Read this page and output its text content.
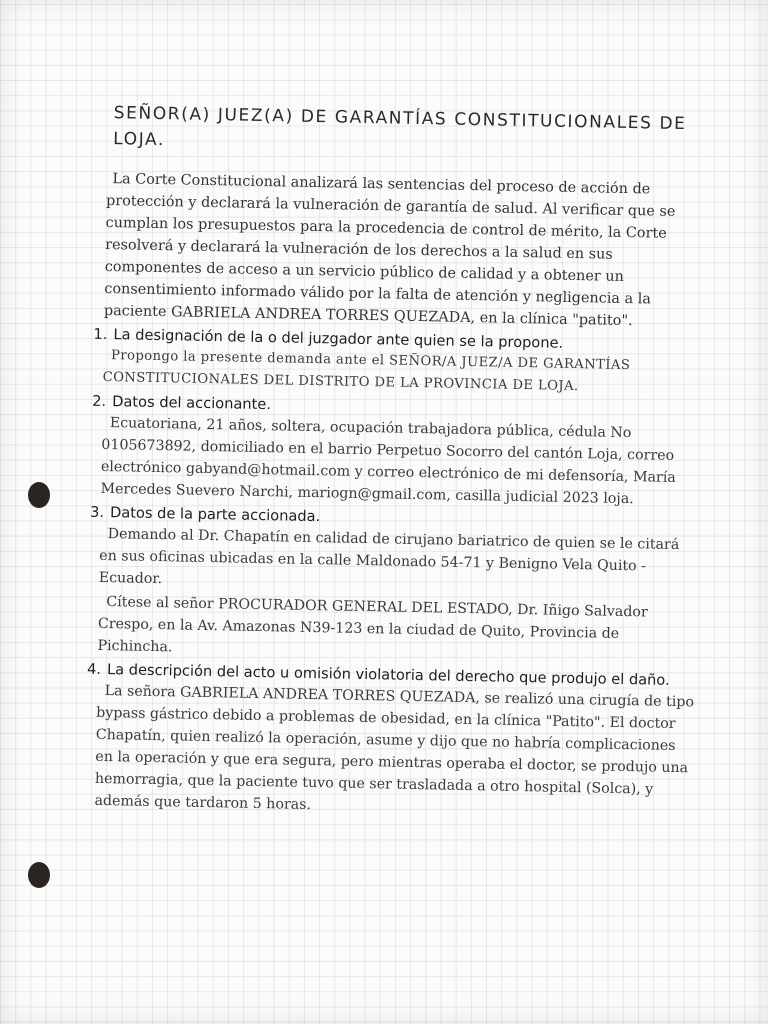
SEÑOR(A) JUEZ(A) DE GARANTÍAS CONSTITUCIONALES DE LOJA.

La Corte Constitucional analizará las sentencias del proceso de acción de protección y declarará la vulneración de garantía de salud. Al verificar que se cumplan los presupuestos para la procedencia de control de mérito, la Corte resolverá y declarará la vulneración de los derechos a la salud en sus componentes de acceso a un servicio público de calidad y a obtener un consentimiento informado válido por la falta de atención y negligencia a la paciente GABRIELA ANDREA TORRES QUEZADA, en la clínica "patito".

1. La designación de la o del juzgador ante quien se la propone.

Propongo la presente demanda ante el SEÑOR/A JUEZ/A DE GARANTÍAS CONSTITUCIONALES DEL DISTRITO DE LA PROVINCIA DE LOJA.

2. Datos del accionante.

Ecuatoriana, 21 años, soltera, ocupación trabajadora pública, cédula No 0105673892, domiciliado en el barrio Perpetuo Socorro del cantón Loja, correo electrónico gabyand@hotmail.com y correo electrónico de mi defensoría, María Mercedes Suevero Narchi, mariogn@gmail.com, casilla judicial 2023 loja.

3. Datos de la parte accionada.

Demando al Dr. Chapatín en calidad de cirujano bariatrico de quien se le citará en sus oficinas ubicadas en la calle Maldonado 54-71 y Benigno Vela Quito - Ecuador.

Cítese al señor PROCURADOR GENERAL DEL ESTADO, Dr. Iñigo Salvador Crespo, en la Av. Amazonas N39-123 en la ciudad de Quito, Provincia de Pichincha.

4. La descripción del acto u omisión violatoria del derecho que produjo el daño.

La señora GABRIELA ANDREA TORRES QUEZADA, se realizó una cirugía de tipo bypass gástrico debido a problemas de obesidad, en la clínica "Patito". El doctor Chapatín, quien realizó la operación, asume y dijo que no habría complicaciones en la operación y que era segura, pero mientras operaba el doctor, se produjo una hemorragia, que la paciente tuvo que ser trasladada a otro hospital (Solca), y además que tardaron 5 horas.
